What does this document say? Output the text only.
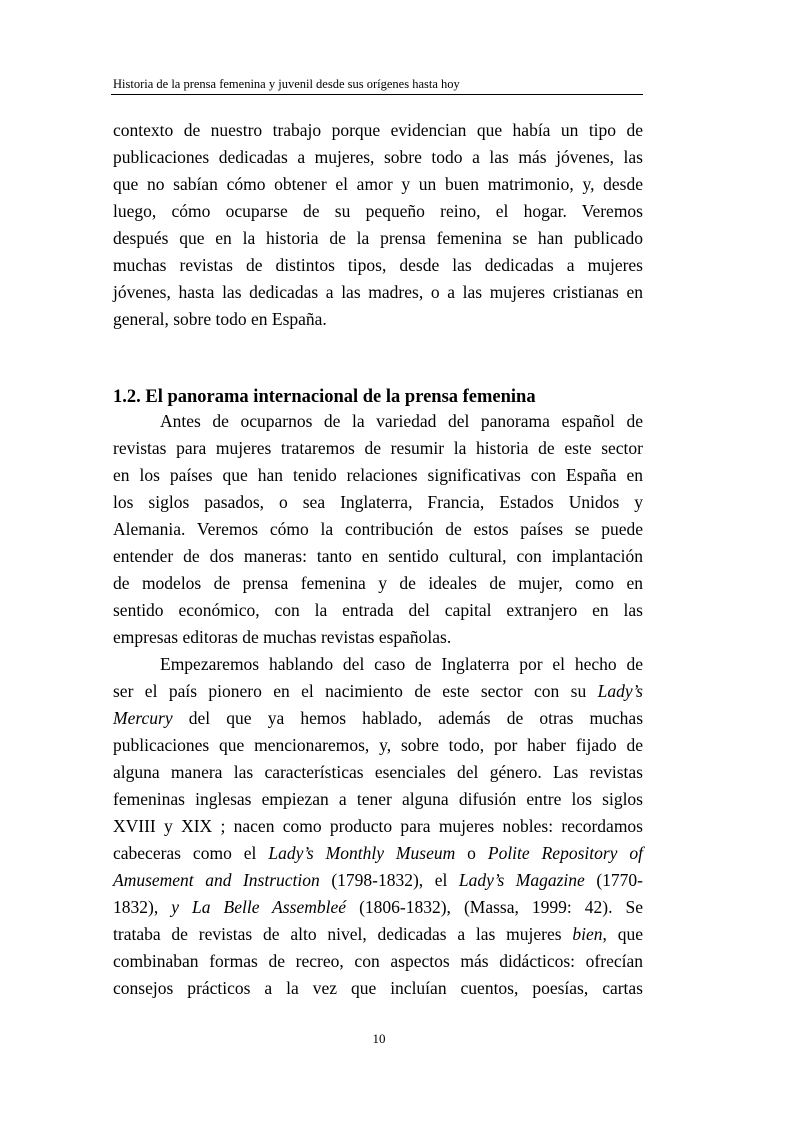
Historia de la prensa femenina y juvenil desde sus orígenes hasta hoy
contexto de nuestro trabajo porque evidencian que había un tipo de
publicaciones dedicadas a mujeres, sobre todo a las más jóvenes, las
que no sabían cómo obtener el amor y un buen matrimonio, y, desde
luego, cómo ocuparse de su pequeño reino, el hogar. Veremos
después que en la historia de la prensa femenina se han publicado
muchas revistas de distintos tipos, desde las dedicadas a mujeres
jóvenes, hasta las dedicadas a las madres, o a las mujeres cristianas en
general, sobre todo en España.
1.2. El panorama internacional de la prensa femenina
Antes de ocuparnos de la variedad del panorama español de
revistas para mujeres trataremos de resumir la historia de este sector
en los países que han tenido relaciones significativas con España en
los siglos pasados, o sea Inglaterra, Francia, Estados Unidos y
Alemania. Veremos cómo la contribución de estos países se puede
entender de dos maneras: tanto en sentido cultural, con implantación
de modelos de prensa femenina y de ideales de mujer, como en
sentido económico, con la entrada del capital extranjero en las
empresas editoras de muchas revistas españolas.
Empezaremos hablando del caso de Inglaterra por el hecho de
ser el país pionero en el nacimiento de este sector con su Lady’s
Mercury del que ya hemos hablado, además de otras muchas
publicaciones que mencionaremos, y, sobre todo, por haber fijado de
alguna manera las características esenciales del género. Las revistas
femeninas inglesas empiezan a tener alguna difusión entre los siglos
XVIII y XIX ; nacen como producto para mujeres nobles: recordamos
cabeceras como el Lady’s Monthly Museum o Polite Repository of
Amusement and Instruction (1798-1832), el Lady’s Magazine (1770-
1832), y La Belle Assembleé (1806-1832), (Massa, 1999: 42). Se
trataba de revistas de alto nivel, dedicadas a las mujeres bien, que
combinaban formas de recreo, con aspectos más didácticos: ofrecían
consejos prácticos a la vez que incluían cuentos, poesías, cartas
10
